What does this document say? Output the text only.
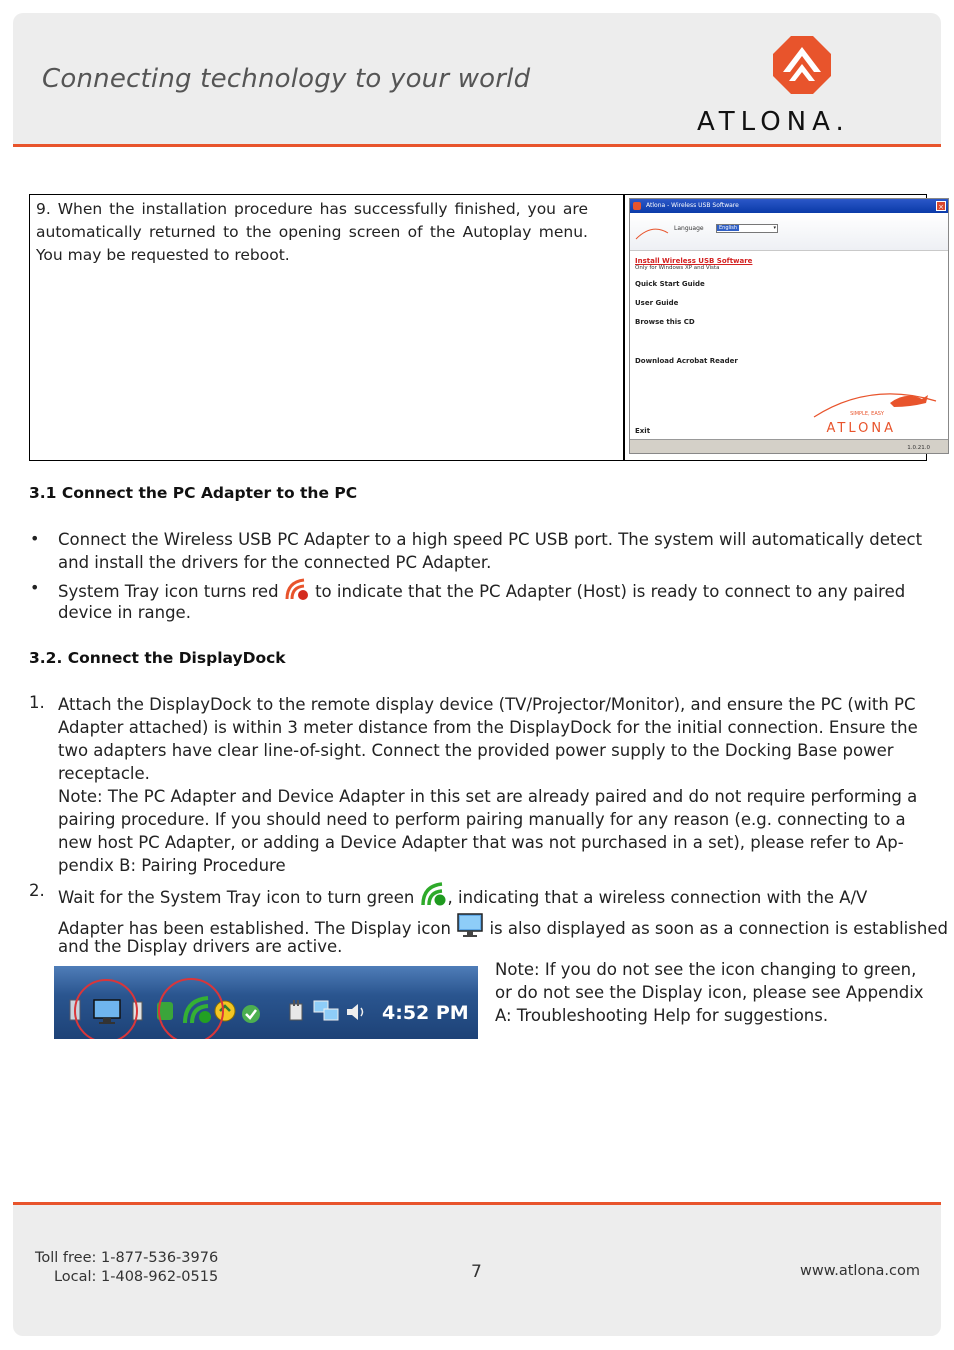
Connecting technology to your world
ATLONA.
9. When the installation procedure has successfully finished, you are automatically returned to the opening screen of the Autoplay menu. You may be requested to reboot.
Atlona - Wireless USB Software	×
Language	English	▾
Install Wireless USB Software
Only for Windows XP and Vista
Quick Start Guide
User Guide
Browse this CD
Download Acrobat Reader
Exit
SIMPLE, EASY
ATLONA
1.0.21.0
3.1 Connect the PC Adapter to the PC
• Connect the Wireless USB PC Adapter to a high speed PC USB port. The system will automatically detect
and install the drivers for the connected PC Adapter.
• System Tray icon turns red to indicate that the PC Adapter (Host) is ready to connect to any paired
device in range.
3.2. Connect the DisplayDock
1. Attach the DisplayDock to the remote display device (TV/Projector/Monitor), and ensure the PC (with PC
Adapter attached) is within 3 meter distance from the DisplayDock for the initial connection. Ensure the
two adapters have clear line-of-sight. Connect the provided power supply to the Docking Base power
receptacle.
Note: The PC Adapter and Device Adapter in this set are already paired and do not require performing a
pairing procedure. If you should need to perform pairing manually for any reason (e.g. connecting to a
new host PC Adapter, or adding a Device Adapter that was not purchased in a set), please refer to Ap-
pendix B: Pairing Procedure
2. Wait for the System Tray icon to turn green , indicating that a wireless connection with the A/V
Adapter has been established. The Display icon is also displayed as soon as a connection is established
and the Display drivers are active.
4:52 PM
Note: If you do not see the icon changing to green,
or do not see the Display icon, please see Appendix
A: Troubleshooting Help for suggestions.
Toll free: 1-877-536-3976
Local: 1-408-962-0515	7	www.atlona.com
